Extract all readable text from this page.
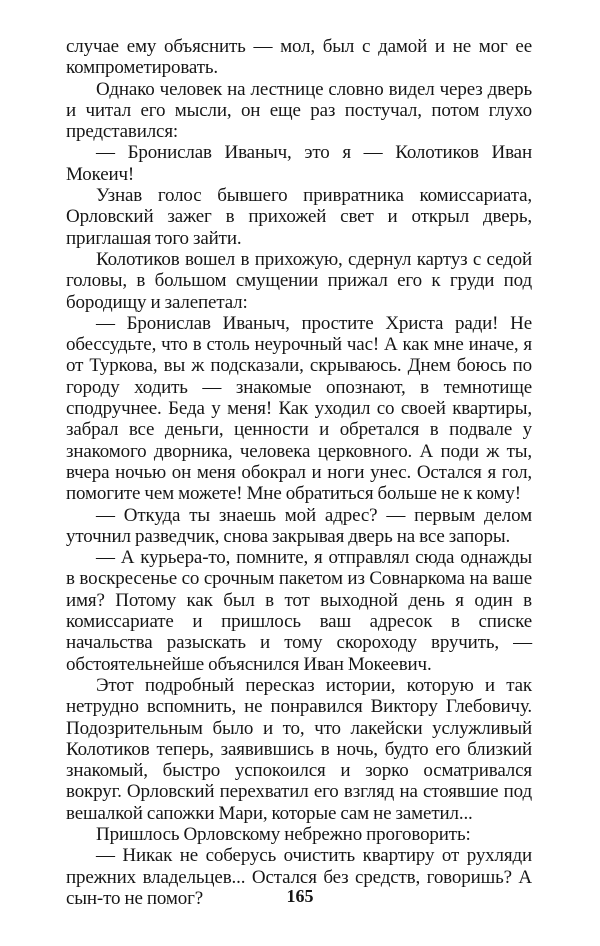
случае ему объяснить — мол, был с дамой и не мог ее компрометировать.

Однако человек на лестнице словно видел через дверь и читал его мысли, он еще раз постучал, потом глухо представился:

— Бронислав Иваныч, это я — Колотиков Иван Мокеич!

Узнав голос бывшего привратника комиссариата, Орловский зажег в прихожей свет и открыл дверь, приглашая того зайти.

Колотиков вошел в прихожую, сдернул картуз с седой головы, в большом смущении прижал его к груди под бородищу и залепетал:

— Бронислав Иваныч, простите Христа ради! Не обессудьте, что в столь неурочный час! А как мне иначе, я от Туркова, вы ж подсказали, скрываюсь. Днем боюсь по городу ходить — знакомые опознают, в темнотище сподручнее. Беда у меня! Как уходил со своей квартиры, забрал все деньги, ценности и обретался в подвале у знакомого дворника, человека церковного. А поди ж ты, вчера ночью он меня обокрал и ноги унес. Остался я гол, помогите чем можете! Мне обратиться больше не к кому!

— Откуда ты знаешь мой адрес? — первым делом уточнил разведчик, снова закрывая дверь на все запоры.

— А курьера-то, помните, я отправлял сюда однажды в воскресенье со срочным пакетом из Совнаркома на ваше имя? Потому как был в тот выходной день я один в комиссариате и пришлось ваш адресок в списке начальства разыскать и тому скороходу вручить, — обстоятельнейше объяснился Иван Мокеевич.

Этот подробный пересказ истории, которую и так нетрудно вспомнить, не понравился Виктору Глебовичу. Подозрительным было и то, что лакейски услужливый Колотиков теперь, заявившись в ночь, будто его близкий знакомый, быстро успокоился и зорко осматривался вокруг. Орловский перехватил его взгляд на стоявшие под вешалкой сапожки Мари, которые сам не заметил...

Пришлось Орловскому небрежно проговорить:

— Никак не соберусь очистить квартиру от рухляди прежних владельцев... Остался без средств, говоришь? А сын-то не помог?	165
